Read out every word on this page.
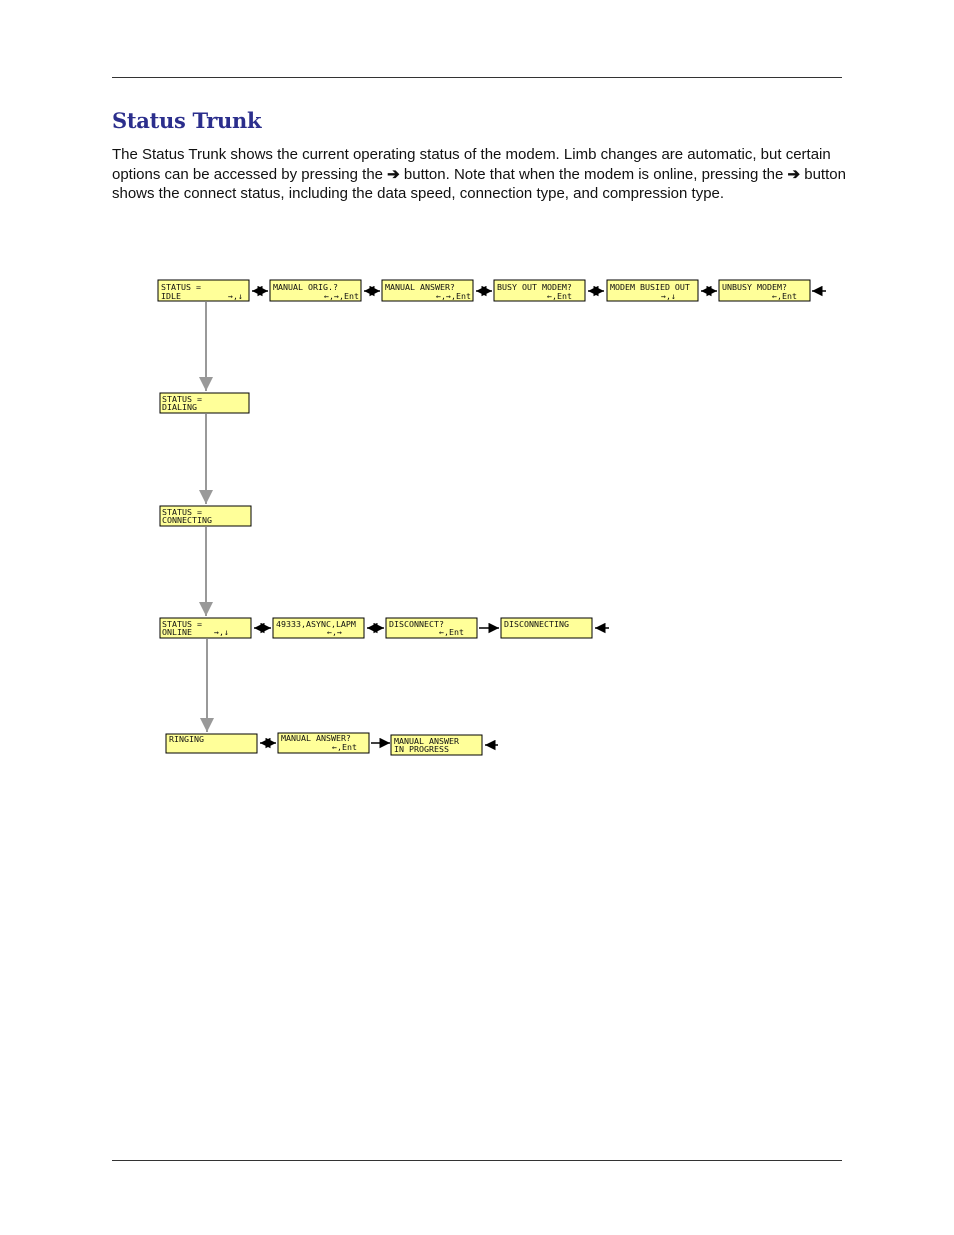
Status Trunk

The Status Trunk shows the current operating status of the modem. Limb changes are automatic, but certain options can be accessed by pressing the ➔ button. Note that when the modem is online, pressing the ➔ button shows the connect status, including the data speed, connection type, and compression type.

STATUS =
IDLE	→,↓
MANUAL ORIG.?
←,→,Ent
MANUAL ANSWER?
←,→,Ent
BUSY OUT MODEM?
←,Ent
MODEM BUSIED OUT
→,↓
UNBUSY MODEM?
←,Ent
STATUS =
DIALING
STATUS =
CONNECTING
STATUS =
ONLINE	→,↓
49333,ASYNC,LAPM
←,→
DISCONNECT?
←,Ent
DISCONNECTING
RINGING	MANUAL ANSWER?
←,Ent
MANUAL ANSWER
IN PROGRESS
